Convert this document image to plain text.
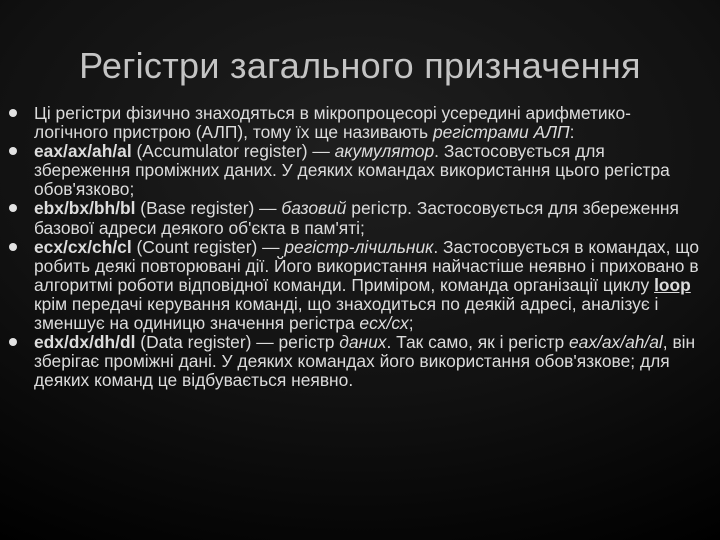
Регістри загального призначення
Ці регістри фізично знаходяться в мікропроцесорі усередині арифметико-логічного пристрою (АЛП), тому їх ще називають регістрами АЛП:
eax/ax/ah/al (Accumulator register) — акумулятор. Застосовується для збереження проміжних даних. У деяких командах використання цього регістра обов'язково;
ebx/bx/bh/bl (Base register) — базовий регістр. Застосовується для збереження базової адреси деякого об'єкта в пам'яті;
ecx/cx/ch/cl (Count register) — регістр-лічильник. Застосовується в командах, що робить деякі повторювані дії. Його використання найчастіше неявно і приховано в алгоритмі роботи відповідної команди. Приміром, команда організації циклу loop крім передачі керування команді, що знаходиться по деякій адресі, аналізує і зменшує на одиницю значення регістра ecx/cx;
edx/dx/dh/dl (Data register) — регістр даних. Так само, як і регістр eax/ax/ah/al, він зберігає проміжні дані. У деяких командах його використання обов'язкове; для деяких команд це відбувається неявно.
